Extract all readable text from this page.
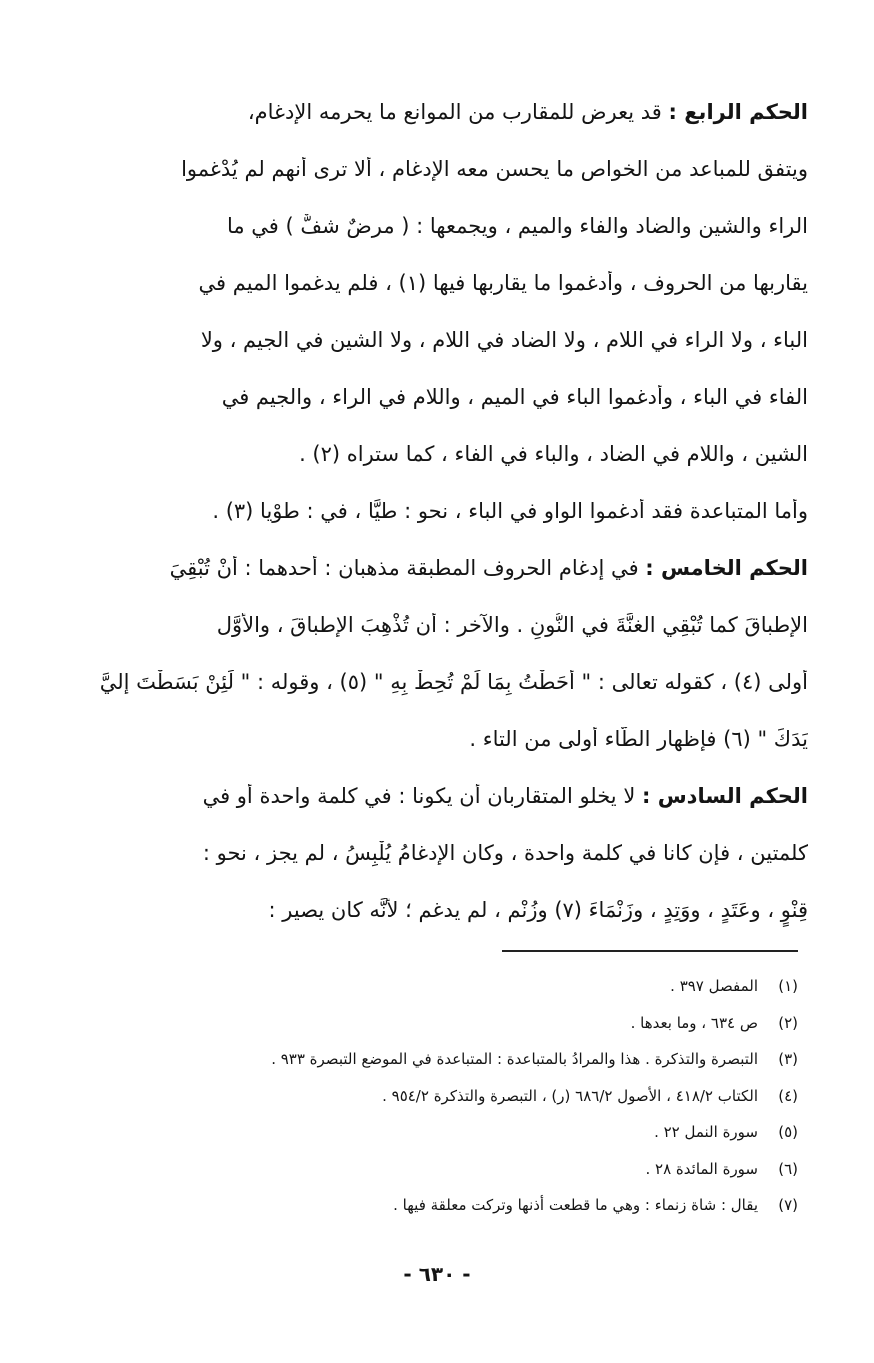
الحكم الرابع : قد يعرض للمقارب من الموانع ما يحرمه الإدغام،
ويتفق للمباعد من الخواص ما يحسن معه الإدغام ، ألا ترى أنهم لم يُدْغموا
الراء والشين والضاد والفاء والميم ، ويجمعها : ( مرضٌ شفٌّ ) في ما
يقاربها من الحروف ، وأدغموا ما يقاربها فيها (١) ، فلم يدغموا الميم في
الباء ، ولا الراء في اللام ، ولا الضاد في اللام ، ولا الشين في الجيم ، ولا
الفاء في الباء ، وأدغموا الباء في الميم ، واللام في الراء ، والجيم في
الشين ، واللام في الضاد ، والباء في الفاء ، كما ستراه (٢) .
وأما المتباعدة فقد أدغموا الواو في الباء ، نحو : طيًّا ، في : طوْيا (٣) .
الحكم الخامس : في إدغام الحروف المطبقة مذهبان : أحدهما : أنْ تُبْقِيَ
الإطباقَ كما تُبْقِي الغنَّةَ في النُّونِ . والآخر : أن تُذْهِبَ الإطباقَ ، والأوَّل
أولى (٤) ، كقوله تعالى : " أَحَطْتُ بِمَا لَمْ تُحِطْ بِهِ " (٥) ، وقوله : " لَئِنْ بَسَطْتَ إليَّ
يَدَكَ " (٦) فإظهار الطَّاء أولى من التاء .
الحكم السادس : لا يخلو المتقاربان أن يكونا : في كلمة واحدة أو في
كلمتين ، فإن كانا في كلمة واحدة ، وكان الإدغامُ يُلْبِسُ ، لم يجز ، نحو :
قِنْوٍ ، وعَتَدٍ ، ووَتِدٍ ، وزَنْمَاءَ (٧) وزُنْم ، لم يدغم ؛ لأنَّه كان يصير :
(١)المفصل ٣٩٧ .
(٢)ص ٦٣٤ ، وما بعدها .
(٣)التبصرة والتذكرة . هذا والمرادُ بالمتباعدة : المتباعدة في الموضع التبصرة ٩٣٣ .
(٤)الكتاب ٤١٨/٢ ، الأصول ٦٨٦/٢ (ر) ، التبصرة والتذكرة ٩٥٤/٢ .
(٥)سورة النمل ٢٢ .
(٦)سورة المائدة ٢٨ .
(٧)يقال : شاة زنماء : وهي ما قطعت أذنها وتركت معلقة فيها .
- ٦٣٠ -
